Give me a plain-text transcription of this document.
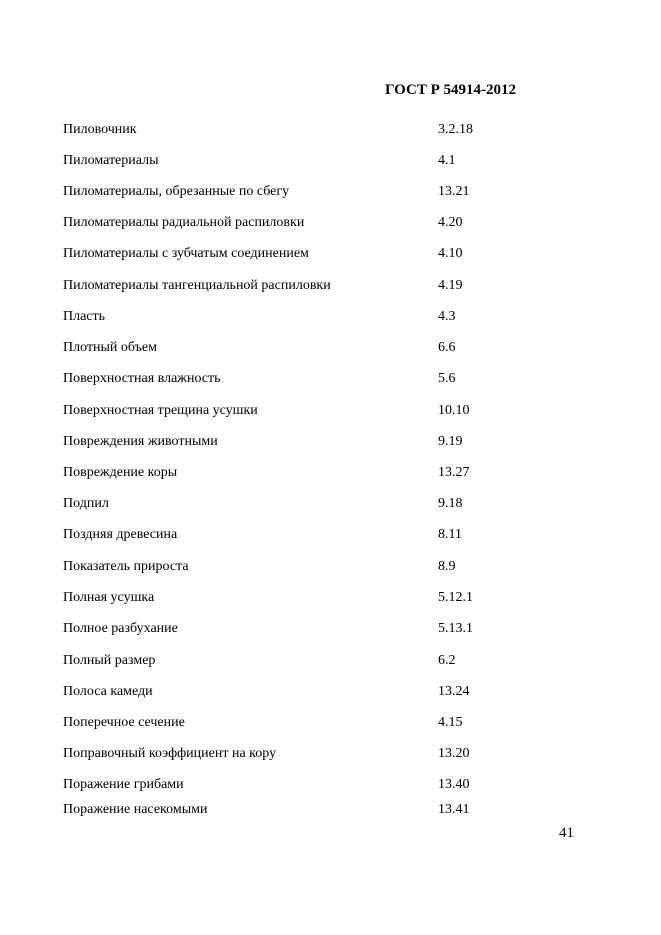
ГОСТ Р 54914-2012
Пиловочник	3.2.18
Пиломатериалы	4.1
Пиломатериалы, обрезанные по сбегу	13.21
Пиломатериалы радиальной распиловки	4.20
Пиломатериалы с зубчатым соединением	4.10
Пиломатериалы тангенциальной распиловки	4.19
Пласть	4.3
Плотный объем	6.6
Поверхностная влажность	5.6
Поверхностная трещина усушки	10.10
Повреждения животными	9.19
Повреждение коры	13.27
Подпил	9.18
Поздняя древесина	8.11
Показатель прироста	8.9
Полная усушка	5.12.1
Полное разбухание	5.13.1
Полный размер	6.2
Полоса камеди	13.24
Поперечное сечение	4.15
Поправочный коэффициент на кору	13.20
Поражение грибами	13.40
Поражение насекомыми	13.41
41
